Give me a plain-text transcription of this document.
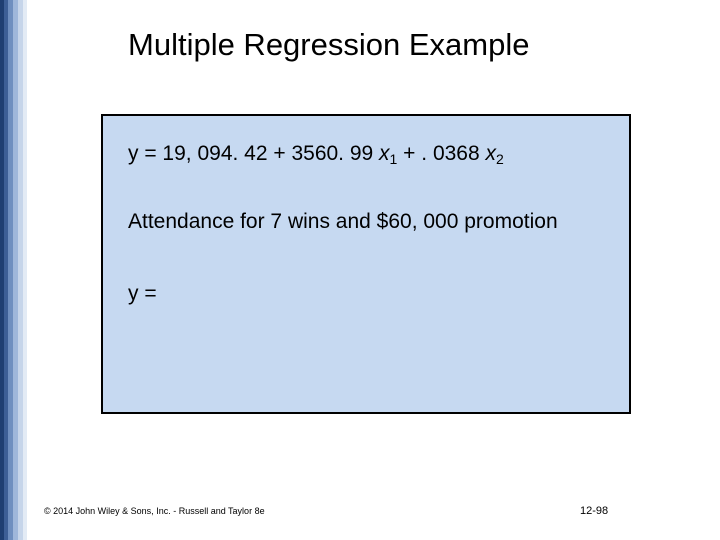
Multiple Regression Example
y = 19, 094. 42 + 3560. 99 $x_1$ + . 0368 $x_2$
Attendance for 7 wins and $60, 000 promotion
y =
© 2014 John Wiley & Sons, Inc. - Russell and Taylor 8e	12-98
